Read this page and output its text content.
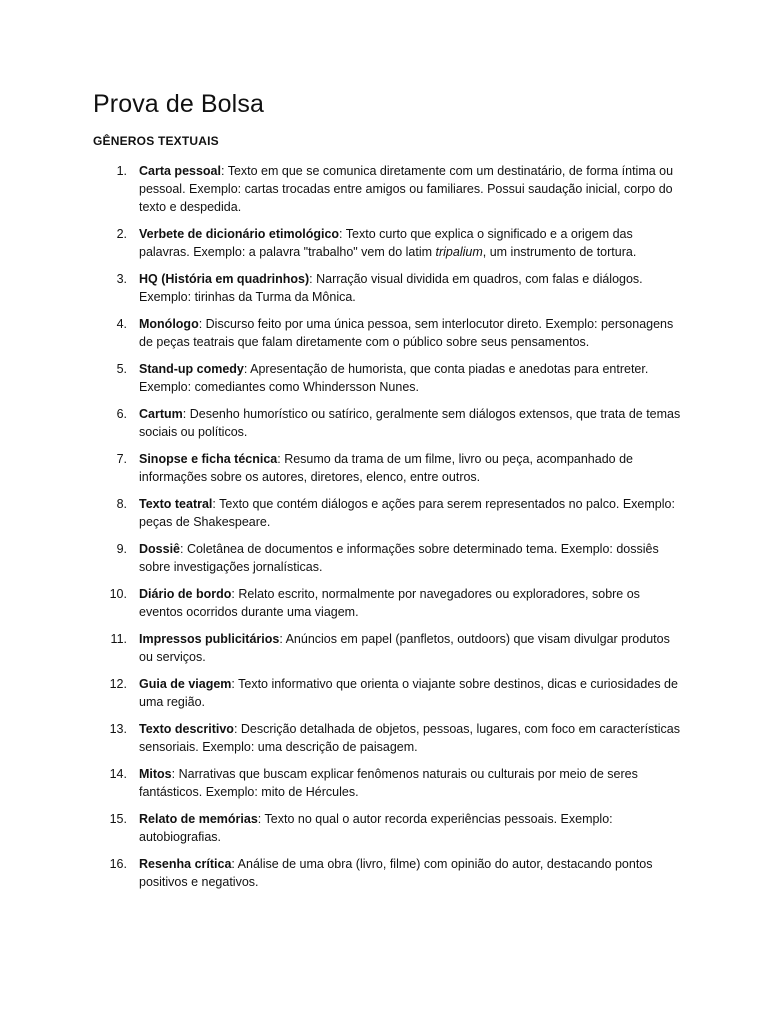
Prova de Bolsa
GÊNEROS TEXTUAIS
1. Carta pessoal: Texto em que se comunica diretamente com um destinatário, de forma íntima ou pessoal. Exemplo: cartas trocadas entre amigos ou familiares. Possui saudação inicial, corpo do texto e despedida.
2. Verbete de dicionário etimológico: Texto curto que explica o significado e a origem das palavras. Exemplo: a palavra "trabalho" vem do latim tripalium, um instrumento de tortura.
3. HQ (História em quadrinhos): Narração visual dividida em quadros, com falas e diálogos. Exemplo: tirinhas da Turma da Mônica.
4. Monólogo: Discurso feito por uma única pessoa, sem interlocutor direto. Exemplo: personagens de peças teatrais que falam diretamente com o público sobre seus pensamentos.
5. Stand-up comedy: Apresentação de humorista, que conta piadas e anedotas para entreter. Exemplo: comediantes como Whindersson Nunes.
6. Cartum: Desenho humorístico ou satírico, geralmente sem diálogos extensos, que trata de temas sociais ou políticos.
7. Sinopse e ficha técnica: Resumo da trama de um filme, livro ou peça, acompanhado de informações sobre os autores, diretores, elenco, entre outros.
8. Texto teatral: Texto que contém diálogos e ações para serem representados no palco. Exemplo: peças de Shakespeare.
9. Dossiê: Coletânea de documentos e informações sobre determinado tema. Exemplo: dossiês sobre investigações jornalísticas.
10. Diário de bordo: Relato escrito, normalmente por navegadores ou exploradores, sobre os eventos ocorridos durante uma viagem.
11. Impressos publicitários: Anúncios em papel (panfletos, outdoors) que visam divulgar produtos ou serviços.
12. Guia de viagem: Texto informativo que orienta o viajante sobre destinos, dicas e curiosidades de uma região.
13. Texto descritivo: Descrição detalhada de objetos, pessoas, lugares, com foco em características sensoriais. Exemplo: uma descrição de paisagem.
14. Mitos: Narrativas que buscam explicar fenômenos naturais ou culturais por meio de seres fantásticos. Exemplo: mito de Hércules.
15. Relato de memórias: Texto no qual o autor recorda experiências pessoais. Exemplo: autobiografias.
16. Resenha crítica: Análise de uma obra (livro, filme) com opinião do autor, destacando pontos positivos e negativos.
